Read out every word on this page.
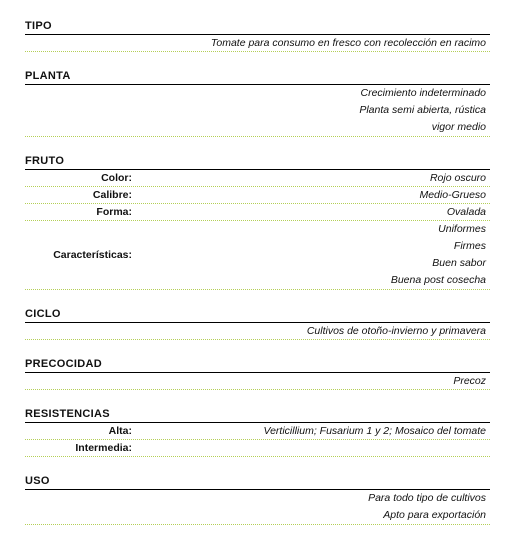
TIPO
Tomate para consumo en fresco con recolección en racimo
PLANTA
Crecimiento indeterminado
Planta semi abierta, rústica
vigor medio
FRUTO
Color:	Rojo oscuro
Calibre:	Medio-Grueso
Forma:	Ovalada
Características:
Uniformes
Firmes
Buen sabor
Buena post cosecha
CICLO
Cultivos de otoño-invierno y primavera
PRECOCIDAD
Precoz
RESISTENCIAS
Alta:	Verticillium; Fusarium 1 y 2; Mosaico del tomate
Intermedia:
USO
Para todo tipo de cultivos
Apto para exportación
